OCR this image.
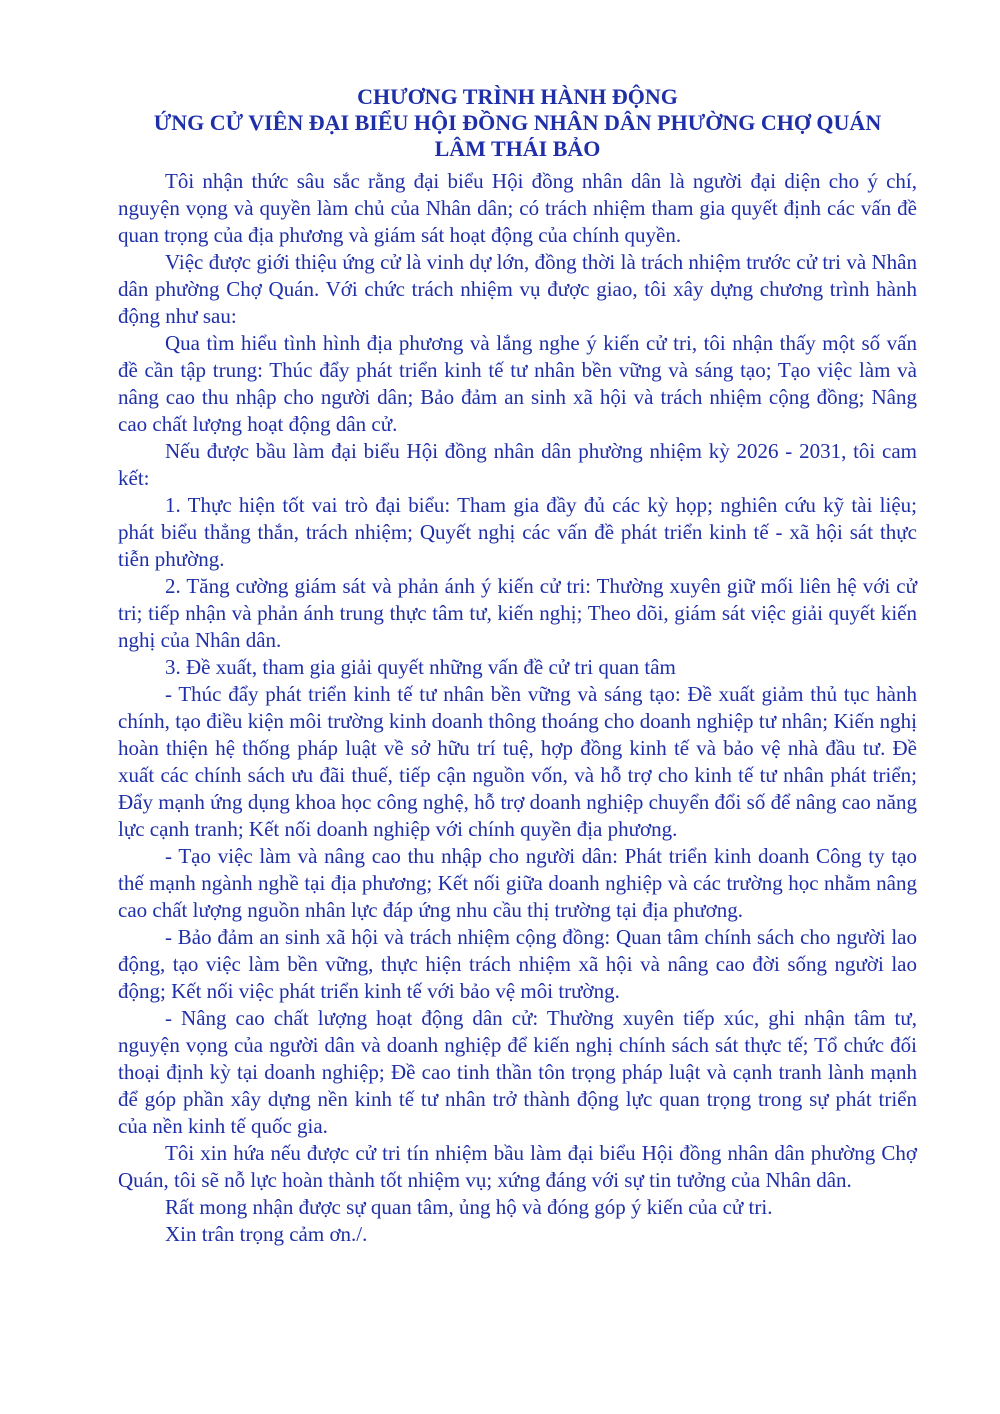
CHƯƠNG TRÌNH HÀNH ĐỘNG
ỨNG CỬ VIÊN ĐẠI BIỂU HỘI ĐỒNG NHÂN DÂN PHƯỜNG CHỢ QUÁN
LÂM THÁI BẢO

Tôi nhận thức sâu sắc rằng đại biểu Hội đồng nhân dân là người đại diện cho ý chí, nguyện vọng và quyền làm chủ của Nhân dân; có trách nhiệm tham gia quyết định các vấn đề quan trọng của địa phương và giám sát hoạt động của chính quyền.

Việc được giới thiệu ứng cử là vinh dự lớn, đồng thời là trách nhiệm trước cử tri và Nhân dân phường Chợ Quán. Với chức trách nhiệm vụ được giao, tôi xây dựng chương trình hành động như sau:

Qua tìm hiểu tình hình địa phương và lắng nghe ý kiến cử tri, tôi nhận thấy một số vấn đề cần tập trung: Thúc đẩy phát triển kinh tế tư nhân bền vững và sáng tạo; Tạo việc làm và nâng cao thu nhập cho người dân; Bảo đảm an sinh xã hội và trách nhiệm cộng đồng; Nâng cao chất lượng hoạt động dân cử.

Nếu được bầu làm đại biểu Hội đồng nhân dân phường nhiệm kỳ 2026 - 2031, tôi cam kết:

1. Thực hiện tốt vai trò đại biểu: Tham gia đầy đủ các kỳ họp; nghiên cứu kỹ tài liệu; phát biểu thẳng thắn, trách nhiệm; Quyết nghị các vấn đề phát triển kinh tế - xã hội sát thực tiễn phường.

2. Tăng cường giám sát và phản ánh ý kiến cử tri: Thường xuyên giữ mối liên hệ với cử tri; tiếp nhận và phản ánh trung thực tâm tư, kiến nghị; Theo dõi, giám sát việc giải quyết kiến nghị của Nhân dân.

3. Đề xuất, tham gia giải quyết những vấn đề cử tri quan tâm

- Thúc đẩy phát triển kinh tế tư nhân bền vững và sáng tạo: Đề xuất giảm thủ tục hành chính, tạo điều kiện môi trường kinh doanh thông thoáng cho doanh nghiệp tư nhân; Kiến nghị hoàn thiện hệ thống pháp luật về sở hữu trí tuệ, hợp đồng kinh tế và bảo vệ nhà đầu tư. Đề xuất các chính sách ưu đãi thuế, tiếp cận nguồn vốn, và hỗ trợ cho kinh tế tư nhân phát triển; Đẩy mạnh ứng dụng khoa học công nghệ, hỗ trợ doanh nghiệp chuyển đổi số để nâng cao năng lực cạnh tranh; Kết nối doanh nghiệp với chính quyền địa phương.

- Tạo việc làm và nâng cao thu nhập cho người dân: Phát triển kinh doanh Công ty tạo thế mạnh ngành nghề tại địa phương; Kết nối giữa doanh nghiệp và các trường học nhằm nâng cao chất lượng nguồn nhân lực đáp ứng nhu cầu thị trường tại địa phương.

- Bảo đảm an sinh xã hội và trách nhiệm cộng đồng: Quan tâm chính sách cho người lao động, tạo việc làm bền vững, thực hiện trách nhiệm xã hội và nâng cao đời sống người lao động; Kết nối việc phát triển kinh tế với bảo vệ môi trường.

- Nâng cao chất lượng hoạt động dân cử: Thường xuyên tiếp xúc, ghi nhận tâm tư, nguyện vọng của người dân và doanh nghiệp để kiến nghị chính sách sát thực tế; Tổ chức đối thoại định kỳ tại doanh nghiệp; Đề cao tinh thần tôn trọng pháp luật và cạnh tranh lành mạnh để góp phần xây dựng nền kinh tế tư nhân trở thành động lực quan trọng trong sự phát triển của nền kinh tế quốc gia.

Tôi xin hứa nếu được cử tri tín nhiệm bầu làm đại biểu Hội đồng nhân dân phường Chợ Quán, tôi sẽ nỗ lực hoàn thành tốt nhiệm vụ; xứng đáng với sự tin tưởng của Nhân dân.

Rất mong nhận được sự quan tâm, ủng hộ và đóng góp ý kiến của cử tri.

Xin trân trọng cảm ơn./.
